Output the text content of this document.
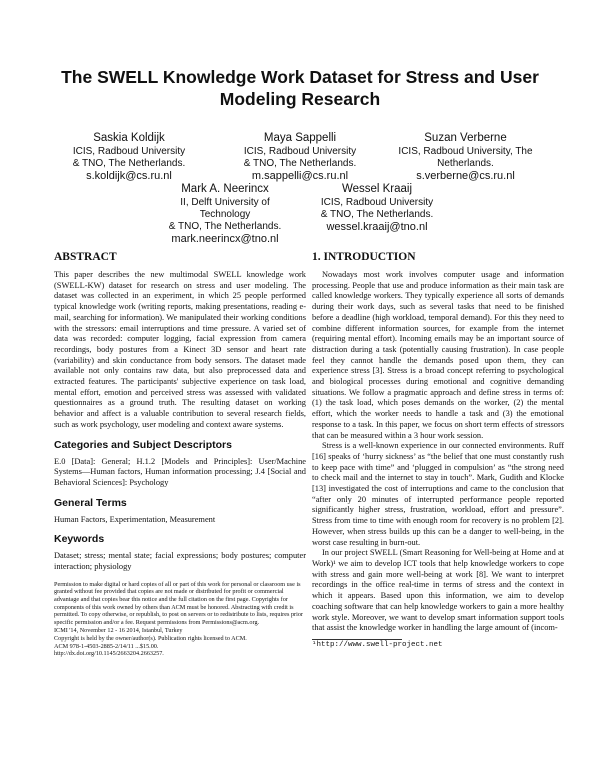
The SWELL Knowledge Work Dataset for Stress and User Modeling Research
Saskia Koldijk
ICIS, Radboud University
& TNO, The Netherlands.
s.koldijk@cs.ru.nl
Maya Sappelli
ICIS, Radboud University
& TNO, The Netherlands.
m.sappelli@cs.ru.nl
Suzan Verberne
ICIS, Radboud University, The
Netherlands.
s.verberne@cs.ru.nl
Mark A. Neerincx
II, Delft University of
Technology
& TNO, The Netherlands.
mark.neerincx@tno.nl
Wessel Kraaij
ICIS, Radboud University
& TNO, The Netherlands.
wessel.kraaij@tno.nl
ABSTRACT

This paper describes the new multimodal SWELL knowledge work (SWELL-KW) dataset for research on stress and user modeling. The dataset was collected in an experiment, in which 25 people performed typical knowledge work (writing reports, making presentations, reading e-mail, searching for information). We manipulated their working conditions with the stressors: email interruptions and time pressure. A varied set of data was recorded: computer logging, facial expression from camera recordings, body postures from a Kinect 3D sensor and heart rate (variability) and skin conductance from body sensors. The dataset made available not only contains raw data, but also preprocessed data and extracted features. The participants' subjective experience on task load, mental effort, emotion and perceived stress was assessed with validated questionnaires as a ground truth. The resulting dataset on working behavior and affect is a valuable contribution to several research fields, such as work psychology, user modeling and context aware systems.

Categories and Subject Descriptors

E.0 [Data]: General; H.1.2 [Models and Principles]: User/Machine Systems—Human factors, Human information processing; J.4 [Social and Behavioral Sciences]: Psychology

General Terms

Human Factors, Experimentation, Measurement

Keywords

Dataset; stress; mental state; facial expressions; body postures; computer interaction; physiology

Permission to make digital or hard copies of all or part of this work for personal or classroom use is granted without fee provided that copies are not made or distributed for profit or commercial advantage and that copies bear this notice and the full citation on the first page. Copyrights for components of this work owned by others than ACM must be honored. Abstracting with credit is permitted. To copy otherwise, or republish, to post on servers or to redistribute to lists, requires prior specific permission and/or a fee. Request permissions from Permissions@acm.org.

ICMI '14, November 12 - 16 2014, Istanbul, Turkey

Copyright is held by the owner/author(s). Publication rights licensed to ACM.

ACM 978-1-4503-2885-2/14/11 ...$15.00.

http://dx.doi.org/10.1145/2663204.2663257.

1. INTRODUCTION

Nowadays most work involves computer usage and information processing. People that use and produce information as their main task are called knowledge workers. They typically experience all sorts of demands during their work days, such as several tasks that need to be finished before a deadline (high workload, temporal demand). For this they need to combine different information sources, for example from the internet (requiring mental effort). Incoming emails may be an important source of distraction during a task (potentially causing frustration). In case people feel they cannot handle the demands posed upon them, they can experience stress [3]. Stress is a broad concept referring to psychological and biological processes during emotional and cognitive demanding situations. We follow a pragmatic approach and define stress in terms of: (1) the task load, which poses demands on the worker, (2) the mental effort, which the worker needs to handle a task and (3) the emotional response to a task. In this paper, we focus on short term effects of stressors that can be measured within a 3 hour work session.

Stress is a well-known experience in our connected environments. Ruff [16] speaks of ‘hurry sickness’ as “the belief that one must constantly rush to keep pace with time” and ‘plugged in compulsion’ as “the strong need to check mail and the internet to stay in touch”. Mark, Gudith and Klocke [13] investigated the cost of interruptions and came to the conclusion that “after only 20 minutes of interrupted performance people reported significantly higher stress, frustration, workload, effort and pressure”. Stress from time to time with enough room for recovery is no problem [2]. However, when stress builds up this can be a danger to well-being, in the worst case resulting in burn-out.

In our project SWELL (Smart Reasoning for Well-being at Home and at Work)¹ we aim to develop ICT tools that help knowledge workers to cope with stress and gain more well-being at work [8]. We want to interpret recordings in the office real-time in terms of stress and the context in which it appears. Based upon this information, we aim to develop coaching software that can help knowledge workers to gain a more healthy work style. Moreover, we want to develop smart information support tools that assist the knowledge worker in handling the large amount of (incom-

¹http://www.swell-project.net
